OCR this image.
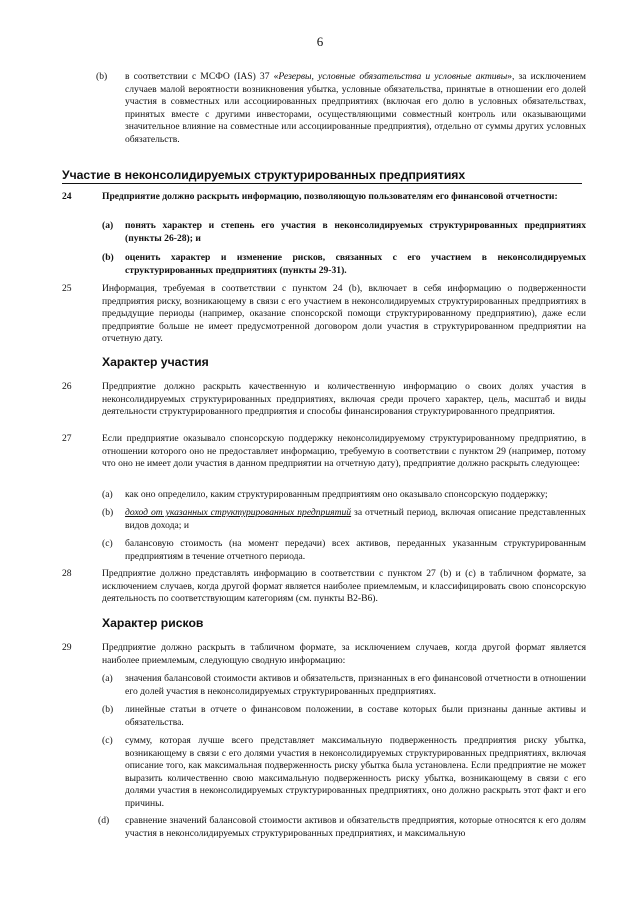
6
(b) в соответствии с МСФО (IAS) 37 «Резервы, условные обязательства и условные активы», за исключением случаев малой вероятности возникновения убытка, условные обязательства, принятые в отношении его долей участия в совместных или ассоциированных предприятиях (включая его долю в условных обязательствах, принятых вместе с другими инвесторами, осуществляющими совместный контроль или оказывающими значительное влияние на совместные или ассоциированные предприятия), отдельно от суммы других условных обязательств.
Участие в неконсолидируемых структурированных предприятиях
24	Предприятие должно раскрыть информацию, позволяющую пользователям его финансовой отчетности:
(a) понять характер и степень его участия в неконсолидируемых структурированных предприятиях (пункты 26-28); и
(b) оценить характер и изменение рисков, связанных с его участием в неконсолидируемых структурированных предприятиях (пункты 29-31).
25	Информация, требуемая в соответствии с пунктом 24 (b), включает в себя информацию о подверженности предприятия риску, возникающему в связи с его участием в неконсолидируемых структурированных предприятиях в предыдущие периоды (например, оказание спонсорской помощи структурированному предприятию), даже если предприятие больше не имеет предусмотренной договором доли участия в структурированном предприятии на отчетную дату.
Характер участия
26	Предприятие должно раскрыть качественную и количественную информацию о своих долях участия в неконсолидируемых структурированных предприятиях, включая среди прочего характер, цель, масштаб и виды деятельности структурированного предприятия и способы финансирования структурированного предприятия.
27	Если предприятие оказывало спонсорскую поддержку неконсолидируемому структурированному предприятию, в отношении которого оно не предоставляет информацию, требуемую в соответствии с пунктом 29 (например, потому что оно не имеет доли участия в данном предприятии на отчетную дату), предприятие должно раскрыть следующее:
(a) как оно определило, каким структурированным предприятиям оно оказывало спонсорскую поддержку;
(b) доход от указанных структурированных предприятий за отчетный период, включая описание представленных видов дохода; и
(c) балансовую стоимость (на момент передачи) всех активов, переданных указанным структурированным предприятиям в течение отчетного периода.
28	Предприятие должно представлять информацию в соответствии с пунктом 27 (b) и (c) в табличном формате, за исключением случаев, когда другой формат является наиболее приемлемым, и классифицировать свою спонсорскую деятельность по соответствующим категориям (см. пункты B2-B6).
Характер рисков
29	Предприятие должно раскрыть в табличном формате, за исключением случаев, когда другой формат является наиболее приемлемым, следующую сводную информацию:
(a) значения балансовой стоимости активов и обязательств, признанных в его финансовой отчетности в отношении его долей участия в неконсолидируемых структурированных предприятиях.
(b) линейные статьи в отчете о финансовом положении, в составе которых были признаны данные активы и обязательства.
(c) сумму, которая лучше всего представляет максимальную подверженность предприятия риску убытка, возникающему в связи с его долями участия в неконсолидируемых структурированных предприятиях, включая описание того, как максимальная подверженность риску убытка была установлена. Если предприятие не может выразить количественно свою максимальную подверженность риску убытка, возникающему в связи с его долями участия в неконсолидируемых структурированных предприятиях, оно должно раскрыть этот факт и его причины.
(d) сравнение значений балансовой стоимости активов и обязательств предприятия, которые относятся к его долям участия в неконсолидируемых структурированных предприятиях, и максимальную
